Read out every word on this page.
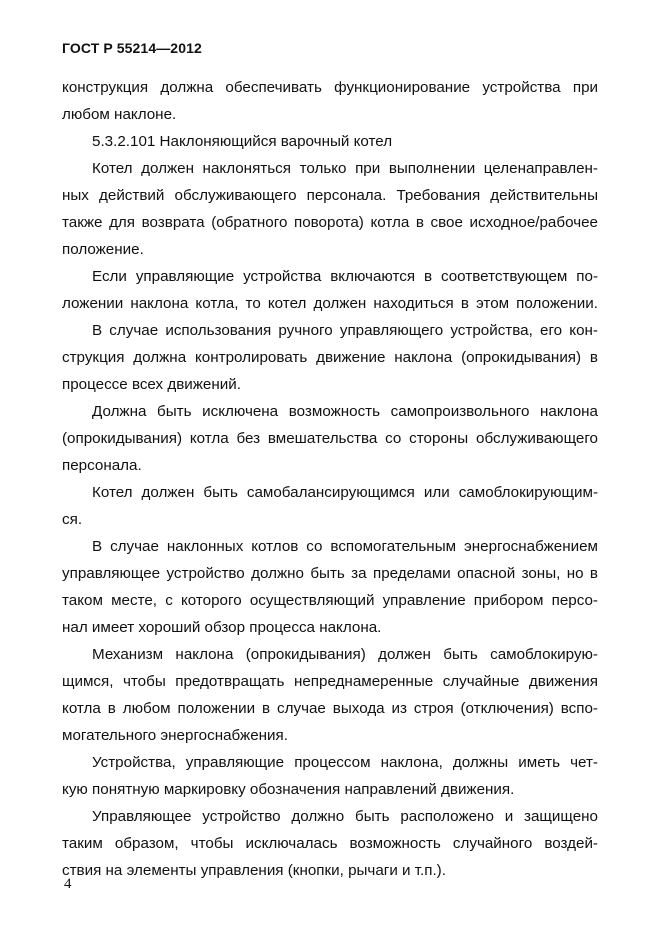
ГОСТ Р 55214—2012
конструкция должна обеспечивать функционирование устройства при
любом наклоне.
5.3.2.101 Наклоняющийся варочный котел
Котел должен наклоняться только при выполнении целенаправлен-
ных действий обслуживающего персонала. Требования действительны
также для возврата (обратного поворота) котла в свое исходное/рабочее
положение.
Если управляющие устройства включаются в соответствующем по-
ложении наклона котла, то котел должен находиться в этом положении.
В случае использования ручного управляющего устройства, его кон-
струкция должна контролировать движение наклона (опрокидывания) в
процессе всех движений.
Должна быть исключена возможность самопроизвольного наклона
(опрокидывания) котла без вмешательства со стороны обслуживающего
персонала.
Котел должен быть самобалансирующимся или самоблокирующим-
ся.
В случае наклонных котлов со вспомогательным энергоснабжением
управляющее устройство должно быть за пределами опасной зоны, но в
таком месте, с которого осуществляющий управление прибором персо-
нал имеет хороший обзор процесса наклона.
Механизм наклона (опрокидывания) должен быть самоблокирую-
щимся, чтобы предотвращать непреднамеренные случайные движения
котла в любом положении в случае выхода из строя (отключения) вспо-
могательного энергоснабжения.
Устройства, управляющие процессом наклона, должны иметь чет-
кую понятную маркировку обозначения направлений движения.
Управляющее устройство должно быть расположено и защищено
таким образом, чтобы исключалась возможность случайного воздей-
ствия на элементы управления (кнопки, рычаги и т.п.).
4
